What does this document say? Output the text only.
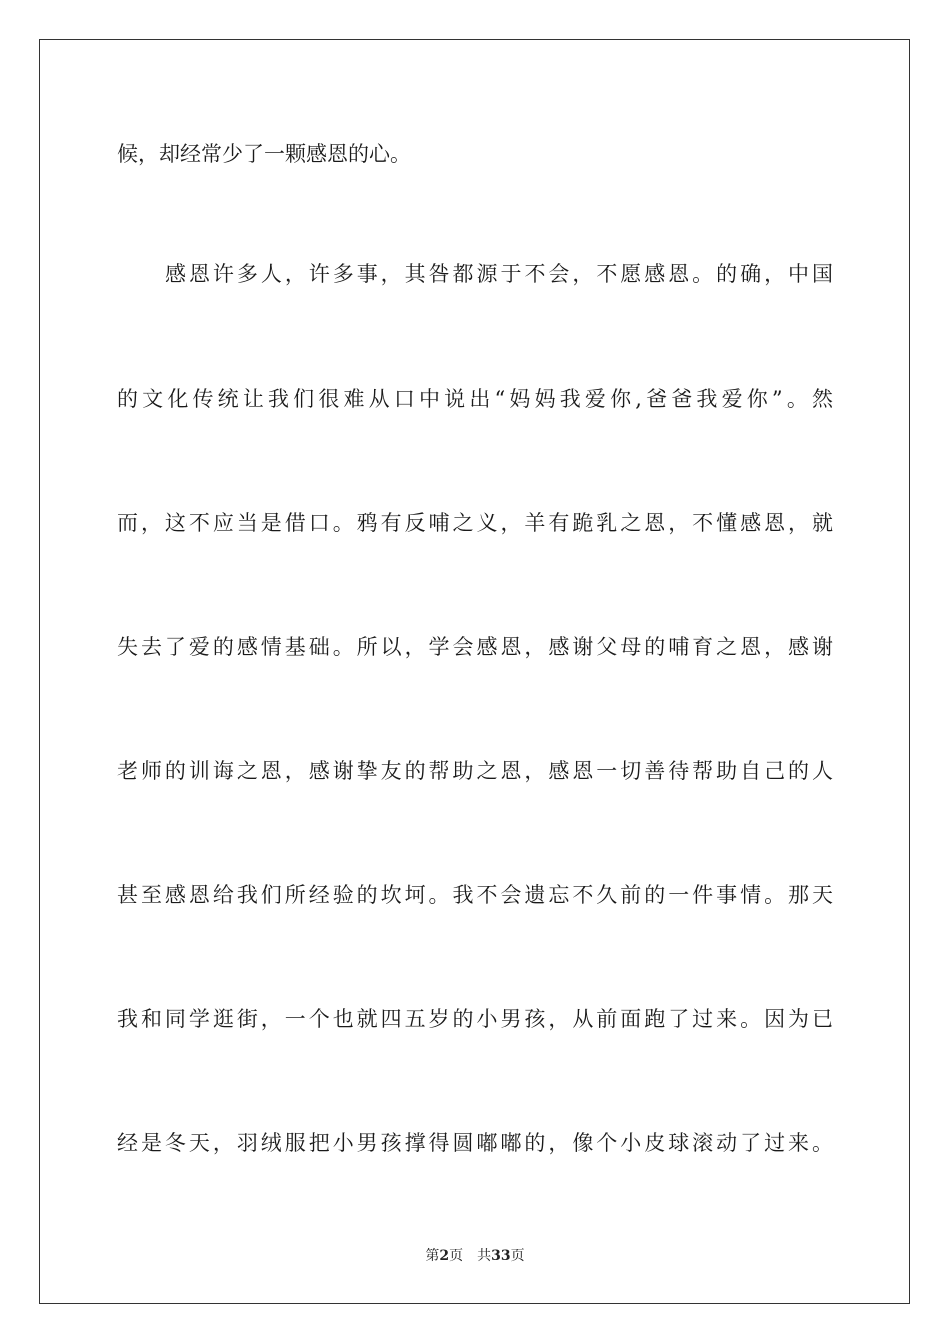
候，却经常少了一颗感恩的心。
感恩许多人，许多事，其咎都源于不会，不愿感恩。的确，中国
的文化传统让我们很难从口中说出“妈妈我爱你,爸爸我爱你”。然
而，这不应当是借口。鸦有反哺之义，羊有跪乳之恩，不懂感恩，就
失去了爱的感情基础。所以，学会感恩，感谢父母的哺育之恩，感谢
老师的训诲之恩，感谢挚友的帮助之恩，感恩一切善待帮助自己的人
甚至感恩给我们所经验的坎坷。我不会遗忘不久前的一件事情。那天
我和同学逛街，一个也就四五岁的小男孩，从前面跑了过来。因为已
经是冬天，羽绒服把小男孩撑得圆嘟嘟的，像个小皮球滚动了过来。
第2页 共33页
